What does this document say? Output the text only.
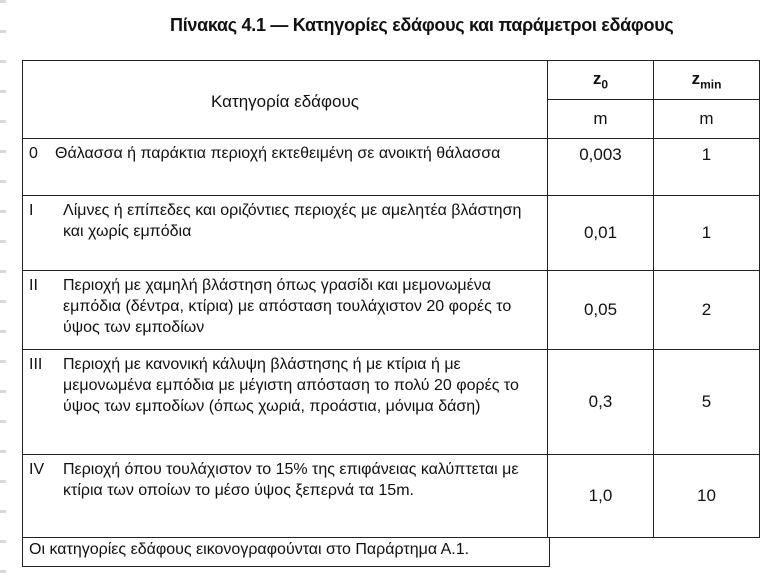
Πίνακας 4.1 — Κατηγορίες εδάφους και παράμετροι εδάφους
Κατηγορία εδάφους	$z_0$	$z_{min}$
	m	m

0 Θάλασσα ή παράκτια περιοχή εκτεθειμένη σε ανοικτή θάλασσα	0,003	1

I Λίμνες ή επίπεδες και οριζόντιες περιοχές με αμελητέα βλάστηση και χωρίς εμπόδια	0,01	1

II Περιοχή με χαμηλή βλάστηση όπως γρασίδι και μεμονωμένα εμπόδια (δέντρα, κτίρια) με απόσταση τουλάχιστον 20 φορές το ύψος των εμποδίων	0,05	2

III Περιοχή με κανονική κάλυψη βλάστησης ή με κτίρια ή με μεμονωμένα εμπόδια με μέγιστη απόσταση το πολύ 20 φορές το ύψος των εμποδίων (όπως χωριά, προάστια, μόνιμα δάση)	0,3	5

IV Περιοχή όπου τουλάχιστον το 15% της επιφάνειας καλύπτεται με κτίρια των οποίων το μέσο ύψος ξεπερνά τα 15m.	1,0	10
Οι κατηγορίες εδάφους εικονογραφούνται στο Παράρτημα Α.1.
